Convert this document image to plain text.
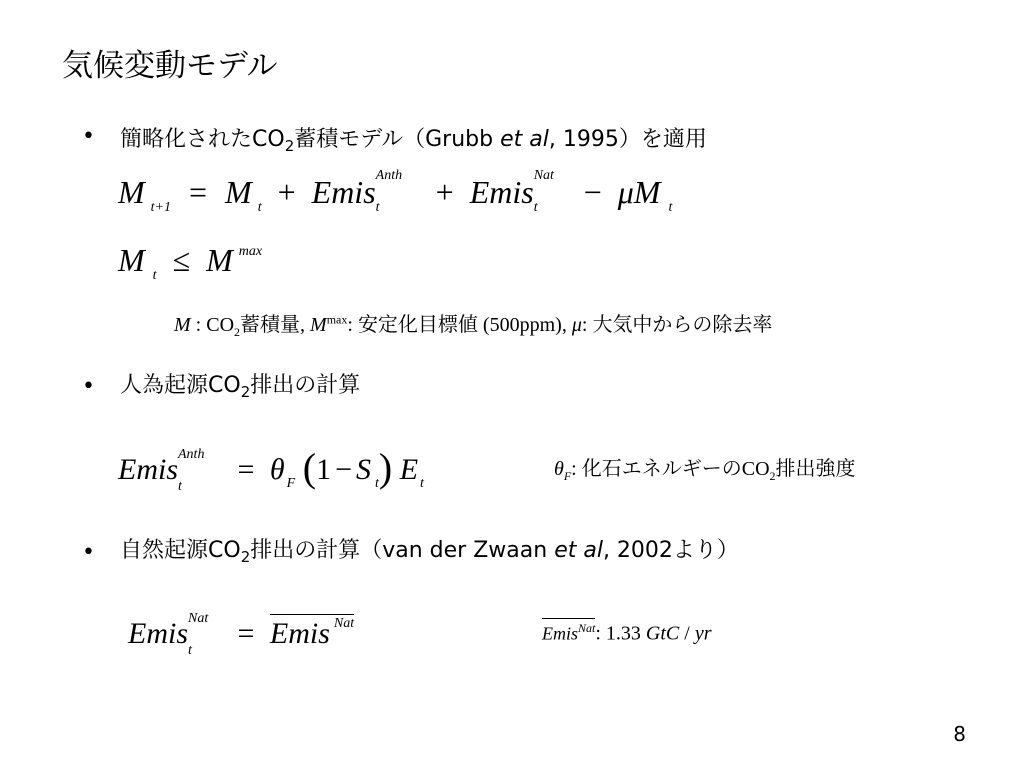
気候変動モデル
• 簡略化された$CO_2$蓄積モデル（Grubb et al, 1995）を適用
M $_{t+1}$ = M $_t$ + Emis Anth
t + Emis Nat
t − μM $_t$
M $_t$ ≤ M $^{max}$
M : $CO_2$蓄積量, $M^{max}$: 安定化目標値 (500ppm), μ: 大気中からの除去率
• 人為起源$CO_2$排出の計算
Emis Anth
t
= θ $_F$ (1 − S $_t$) E $_t$
$\theta_F$: 化石エネルギーの$CO_2$排出強度
• 自然起源$CO_2$排出の計算（van der Zwaan et al, 2002より）
Emis Nat
t
= Emis $^{Nat}$
Emis$^{Nat}$: 1.33 GtC / yr
8
